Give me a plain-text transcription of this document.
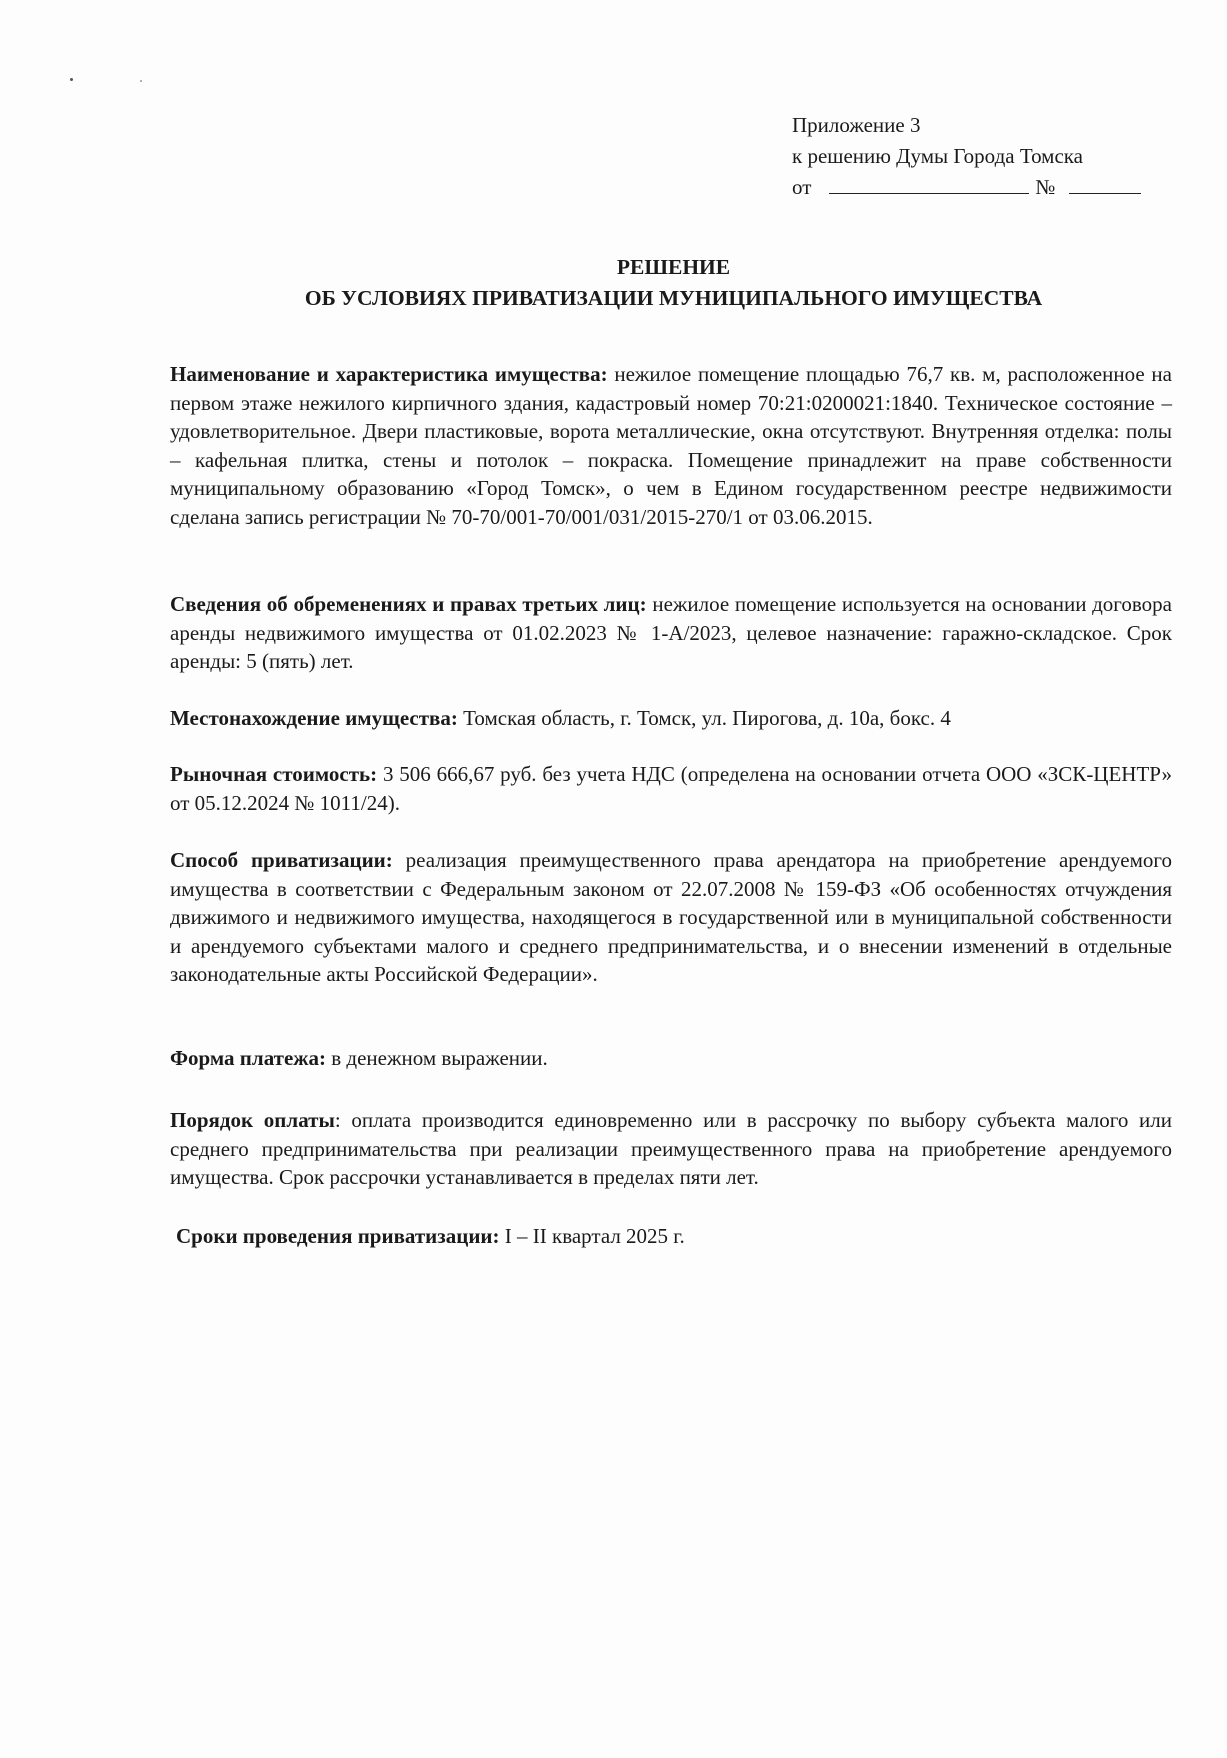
Приложение 3
к решению Думы Города Томска
от	№
РЕШЕНИЕ
ОБ УСЛОВИЯХ ПРИВАТИЗАЦИИ МУНИЦИПАЛЬНОГО ИМУЩЕСТВА
Наименование и характеристика имущества: нежилое помещение площадью 76,7 кв. м, расположенное на первом этаже нежилого кирпичного здания, кадастровый номер 70:21:0200021:1840. Техническое состояние – удовлетворительное. Двери пластиковые, ворота металлические, окна отсутствуют. Внутренняя отделка: полы – кафельная плитка, стены и потолок – покраска. Помещение принадлежит на праве собственности муниципальному образованию «Город Томск», о чем в Едином государственном реестре недвижимости сделана запись регистрации № 70-70/001-70/001/031/2015-270/1 от 03.06.2015.
Сведения об обременениях и правах третьих лиц: нежилое помещение используется на основании договора аренды недвижимого имущества от 01.02.2023 № 1-А/2023, целевое назначение: гаражно-складское. Срок аренды: 5 (пять) лет.
Местонахождение имущества: Томская область, г. Томск, ул. Пирогова, д. 10а, бокс. 4
Рыночная стоимость: 3 506 666,67 руб. без учета НДС (определена на основании отчета ООО «ЗСК-ЦЕНТР» от 05.12.2024 № 1011/24).
Способ приватизации: реализация преимущественного права арендатора на приобретение арендуемого имущества в соответствии с Федеральным законом от 22.07.2008 № 159-ФЗ «Об особенностях отчуждения движимого и недвижимого имущества, находящегося в государственной или в муниципальной собственности и арендуемого субъектами малого и среднего предпринимательства, и о внесении изменений в отдельные законодательные акты Российской Федерации».
Форма платежа: в денежном выражении.
Порядок оплаты: оплата производится единовременно или в рассрочку по выбору субъекта малого или среднего предпринимательства при реализации преимущественного права на приобретение арендуемого имущества. Срок рассрочки устанавливается в пределах пяти лет.
Сроки проведения приватизации: I – II квартал 2025 г.
